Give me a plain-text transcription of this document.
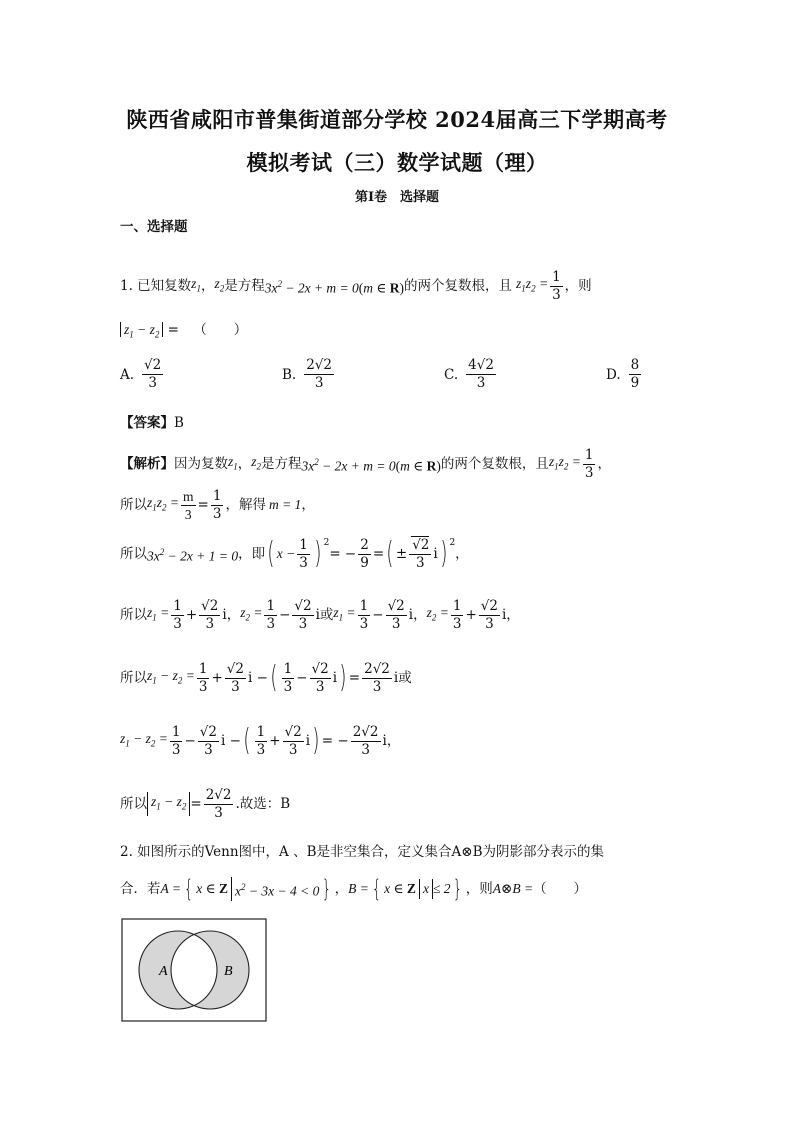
陕西省咸阳市普集街道部分学校 2024届高三下学期高考
模拟考试（三）数学试题（理）
第Ⅰ卷　选择题
一、选择题
1. 已知复数 $z_1$ ， $z_2$ 是方程 $3x^2 - 2x + m = 0(m$ ∈ R) 的两个复数根，且 $z_1z_2 = \frac{1}{3}$ ，则
$z_1 - z_2$ = （　　）
A. $\frac{√2}{3}$	B. $\frac{2√2}{3}$	C. $\frac{4√2}{3}$	D. $\frac{8}{9}$
【答案】B
【解析】 因为复数 $z_1$ ， $z_2$ 是方程 $3x^2 - 2x + m = 0(m$ ∈ R) 的两个复数根，且 $z_1z_2 = \frac{1}{3}$ ，
所以 $z_1z_2 = \frac{m}{3} = \frac{1}{3}$ ，解得 m = 1 ，
所以 $3x^2 - 2x + 1 = 0$ ，即 ( $x - \frac{1}{3}$ ) $^2$
= − $\frac{2}{9}$ = ( ± $\frac{√2}{3}$ i ) $^2$
，
所以 $z_1 = \frac{1}{3} + \frac{√2}{3}$ i， $z_2 = \frac{1}{3} - \frac{√2}{3}$ i 或 $z_1 = \frac{1}{3} - \frac{√2}{3}$ i， $z_2 = \frac{1}{3} + \frac{√2}{3}$ i，
所以 $z_1 - z_2 = \frac{1}{3} + \frac{√2}{3}$ i − ( $\frac{1}{3} - \frac{√2}{3}$ i ) = $\frac{2√2}{3}$ i 或
$z_1 - z_2 = \frac{1}{3} - \frac{√2}{3}$ i − ( $\frac{1}{3} + \frac{√2}{3}$ i ) = − $\frac{2√2}{3}$ i，
所以 $z_1 - z_2 = \frac{2√2}{3}$ .故选：B
2. 如图所示的Venn图中，A 、B是非空集合，定义集合A⊗B为阴影部分表示的集
合．若 A = { x ∈ Z $x^2 - 3x - 4 < 0$ } ， B = { x ∈ Z x ≤ 2 } ，则 A⊗B = （　　）
A	B
